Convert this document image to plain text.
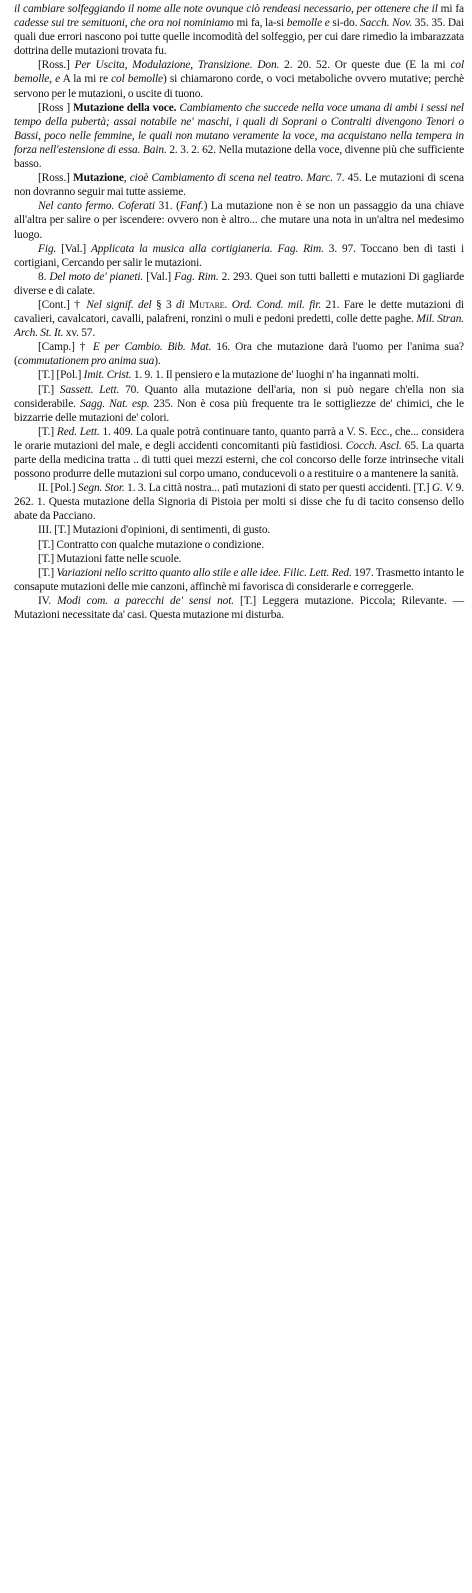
il cambiare solfeggiando il nome alle note ovunque ciò rendeasi necessario, per ottenere che il mi fa cadesse sui tre semituoni, che ora noi nominiamo mi fa, la-si bemolle e si-do. Sacch. Nov. 35. 35. Dai quali due errori nascono poi tutte quelle incomodità del solfeggio, per cui dare rimedio la imbarazzata dottrina delle mutazioni trovata fu.

[Ross.] Per Uscita, Modulazione, Transizione. Don. 2. 20. 52. Or queste due (E la mi col bemolle, e A la mi re col bemolle) si chiamarono corde, o voci metaboliche ovvero mutative; perchè servono per le mutazioni, o uscite di tuono.

[Ross ] Mutazione della voce. Cambiamento che succede nella voce umana di ambi i sessi nel tempo della pubertà; assai notabile ne' maschi, i quali di Soprani o Contralti divengono Tenori o Bassi, poco nelle femmine, le quali non mutano veramente la voce, ma acquistano nella tempera in forza nell'estensione di essa. Bain. 2. 3. 2. 62. Nella mutazione della voce, divenne più che sufficiente basso.

[Ross.] Mutazione, cioè Cambiamento di scena nel teatro. Marc. 7. 45. Le mutazioni di scena non dovranno seguir mai tutte assieme.

Nel canto fermo. Coferati 31. (Fanf.) La mutazione non è se non un passaggio da una chiave all'altra per salire o per iscendere: ovvero non è altro... che mutare una nota in un'altra nel medesimo luogo.

Fig. [Val.] Applicata la musica alla cortigianeria. Fag. Rim. 3. 97. Toccano ben di tasti i cortigiani, Cercando per salir le mutazioni.

8. Del moto de' pianeti. [Val.] Fag. Rim. 2. 293. Quei son tutti balletti e mutazioni Di gagliarde diverse e di calate.

[Cont.] † Nel signif. del § 3 di Mutare. Ord. Cond. mil. fir. 21. Fare le dette mutazioni di cavalieri, cavalcatori, cavalli, palafreni, ronzini o muli e pedoni predetti, colle dette paghe. Mil. Stran. Arch. St. It. xv. 57.

[Camp.] † E per Cambio. Bib. Mat. 16. Ora che mutazione darà l'uomo per l'anima sua? (commutationem pro anima sua).

[T.] [Pol.] Imit. Crist. 1. 9. 1. Il pensiero e la mutazione de' luoghi n' ha ingannati molti.

[T.] Sassett. Lett. 70. Quanto alla mutazione dell'aria, non si può negare ch'ella non sia considerabile. Sagg. Nat. esp. 235. Non è cosa più frequente tra le sottigliezze de' chimici, che le bizzarrie delle mutazioni de' colori.

[T.] Red. Lett. 1. 409. La quale potrà continuare tanto, quanto parrà a V. S. Ecc., che... considera le orarie mutazioni del male, e degli accidenti concomitanti più fastidiosi. Cocch. Ascl. 65. La quarta parte della medicina tratta .. di tutti quei mezzi esterni, che col concorso delle forze intrinseche vitali possono produrre delle mutazioni sul corpo umano, conducevoli o a restituire o a mantenere la sanità.

II. [Pol.] Segn. Stor. 1. 3. La città nostra... patì mutazioni di stato per questi accidenti. [T.] G. V. 9. 262. 1. Questa mutazione della Signoria di Pistoia per molti si disse che fu di tacito consenso dello abate da Pacciano.

III. [T.] Mutazioni d'opinioni, di sentimenti, di gusto.

[T.] Contratto con qualche mutazione o condizione.

[T.] Mutazioni fatte nelle scuole.

[T.] Variazioni nello scritto quanto allo stile e alle idee. Filic. Lett. Red. 197. Trasmetto intanto le consapute mutazioni delle mie canzoni, affinchè mi favorisca di considerarle e correggerle.

IV. Modi com. a parecchi de' sensi not. [T.] Leggera mutazione. Piccola; Rilevante. — Mutazioni necessitate da' casi. Questa mutazione mi disturba.
